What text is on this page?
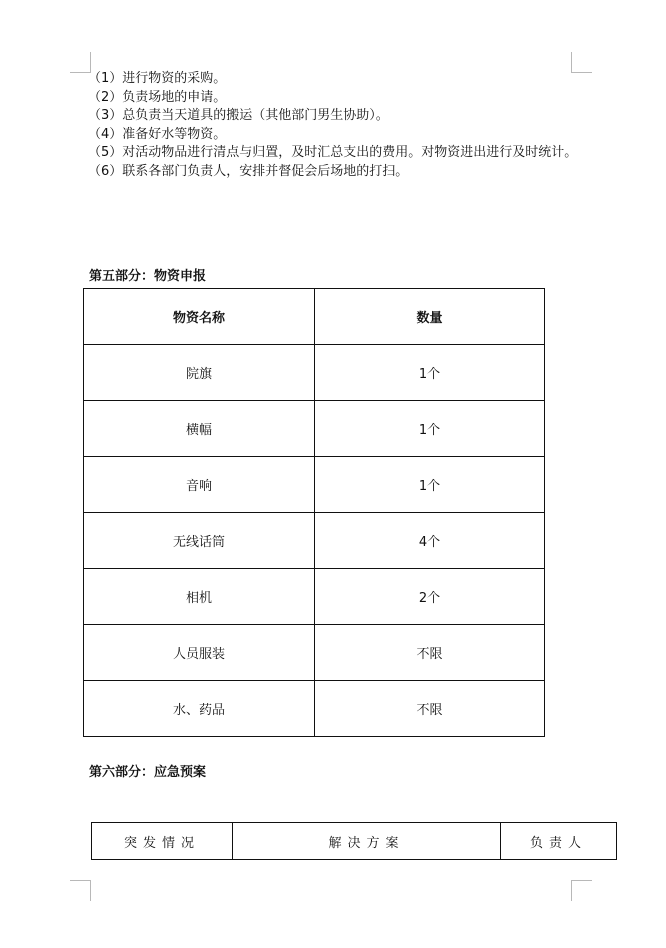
（1）进行物资的采购。

（2）负责场地的申请。

（3）总负责当天道具的搬运（其他部门男生协助）。

（4）准备好水等物资。

（5）对活动物品进行清点与归置，及时汇总支出的费用。对物资进出进行及时统计。

（6）联系各部门负责人，安排并督促会后场地的打扫。

第五部分：物资申报
物资名称	数量
院旗	1个
横幅	1个
音响	1个
无线话筒	4个
相机	2个
人员服装	不限
水、药品	不限
第六部分：应急预案
突发情况	解决方案	负责人
